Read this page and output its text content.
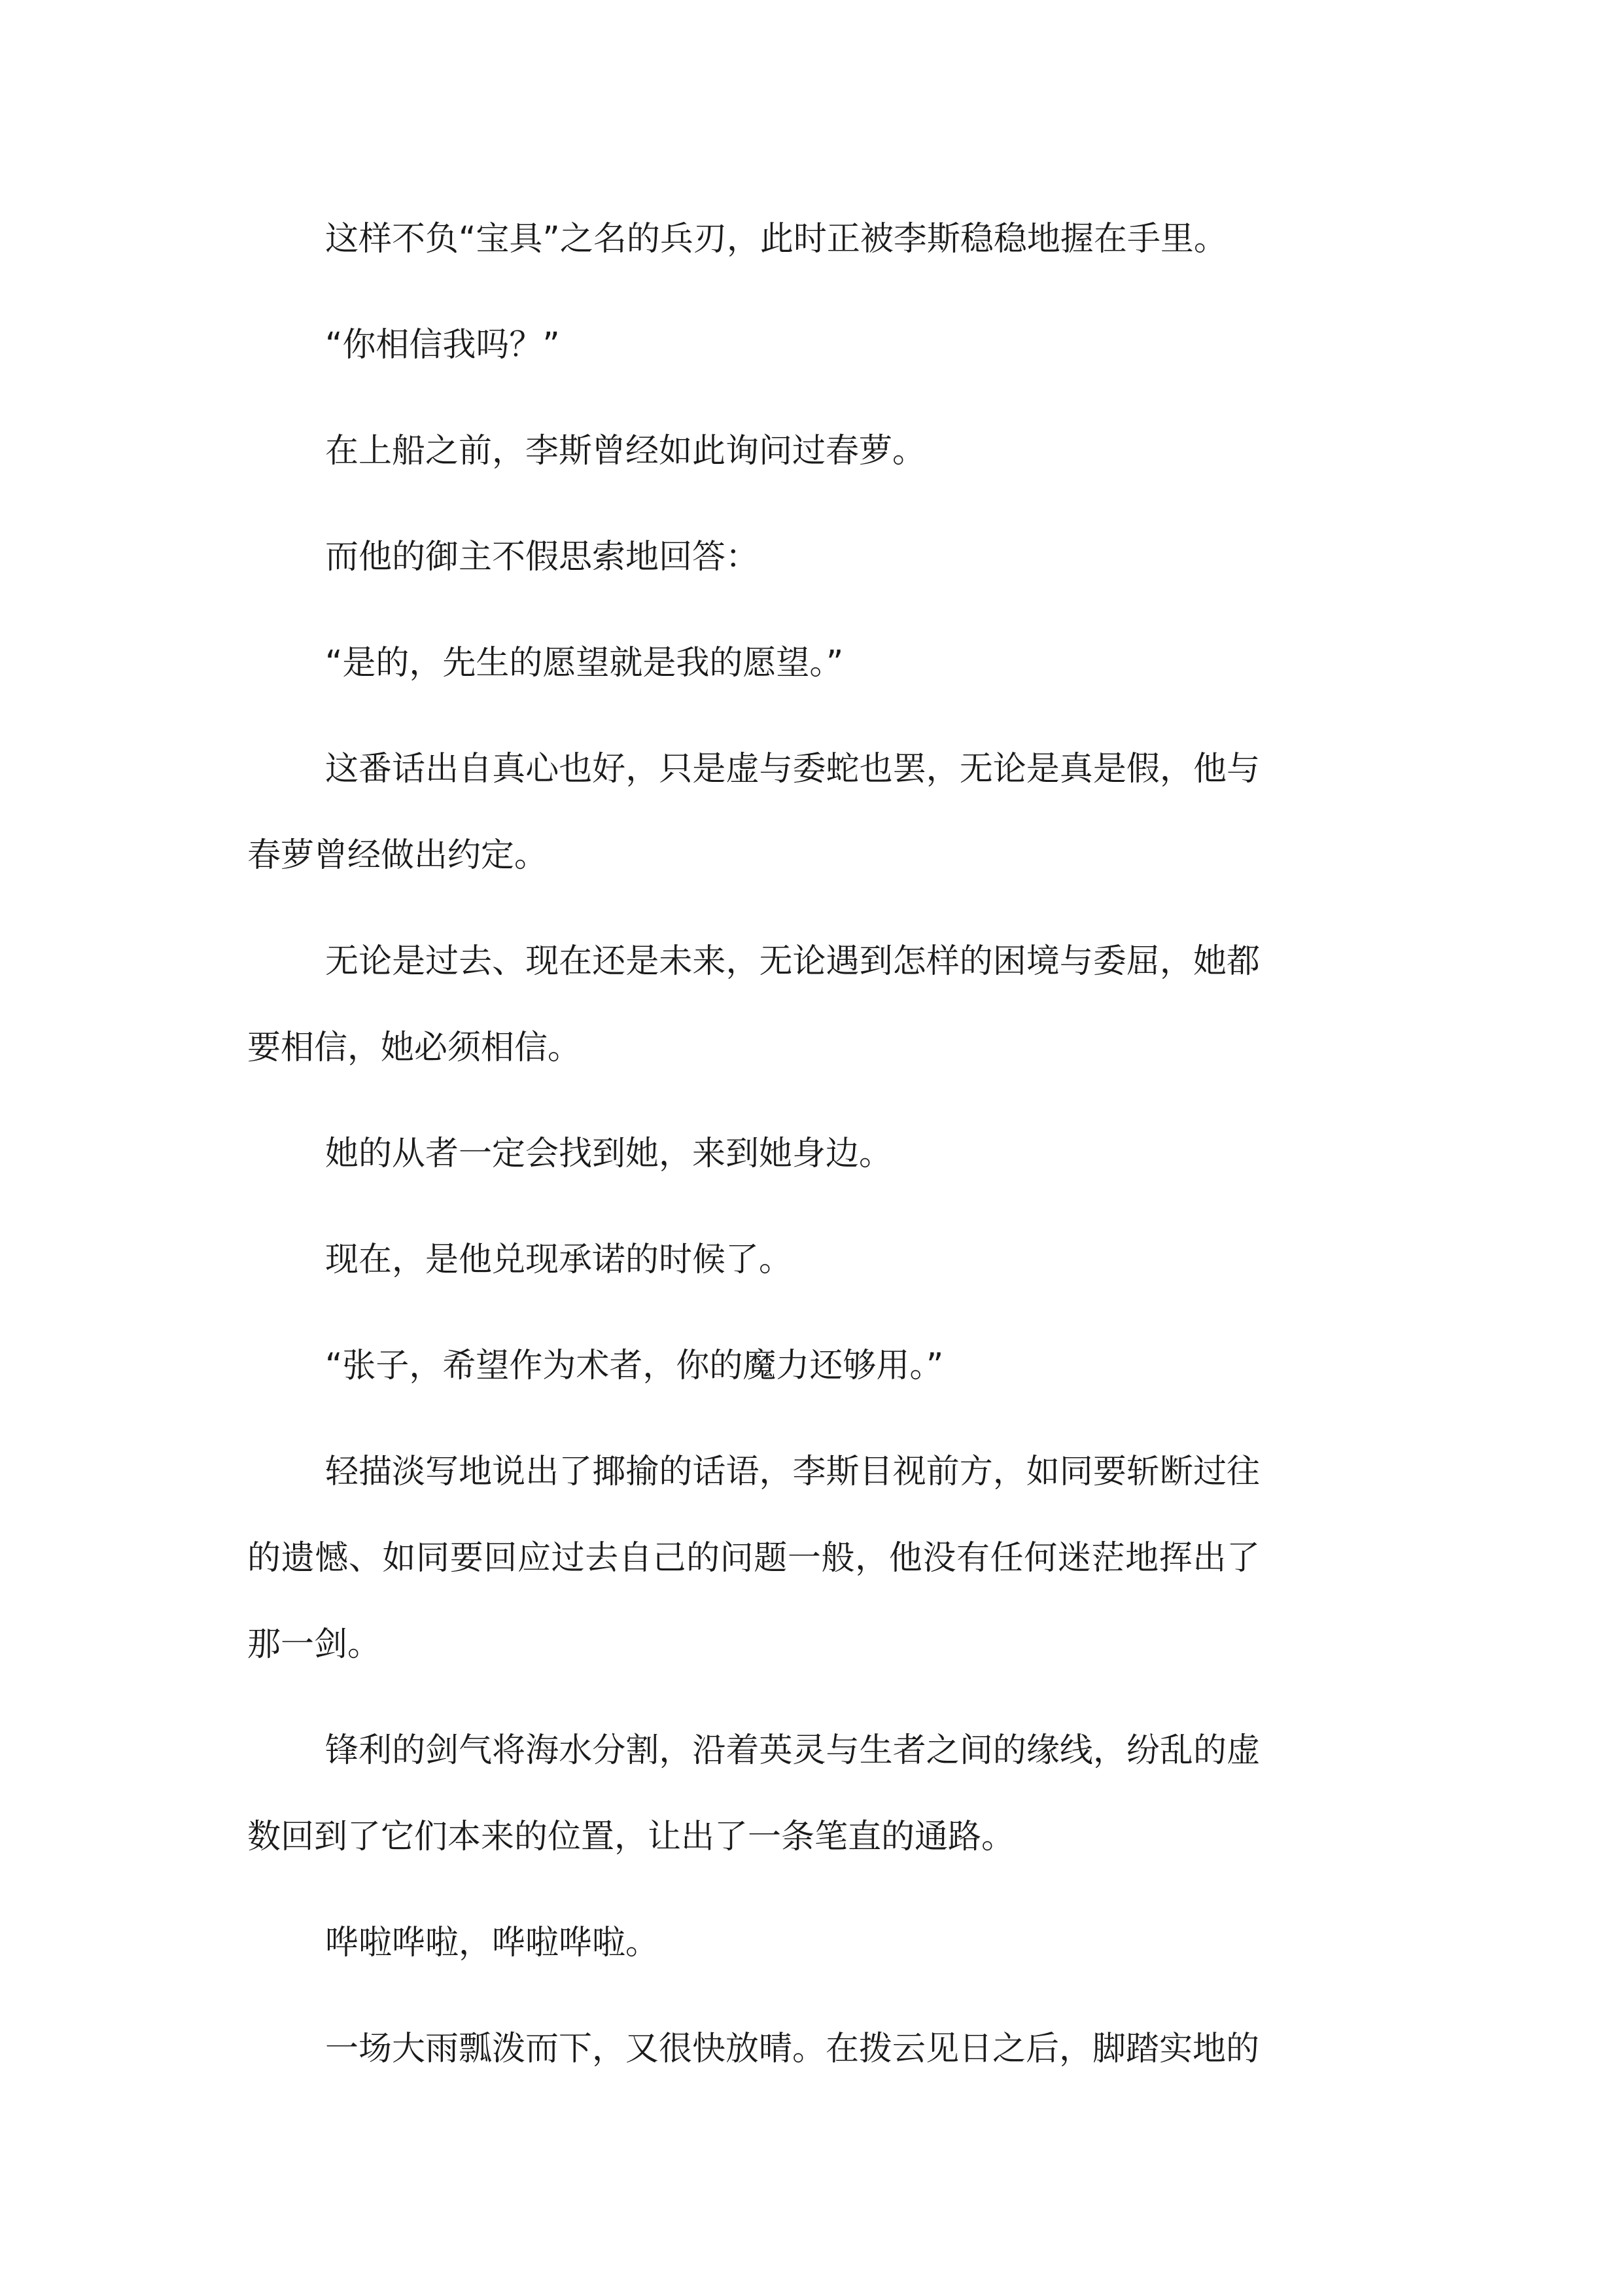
这样不负“宝具”之名的兵刃，此时正被李斯稳稳地握在手里。

“你相信我吗？”

在上船之前，李斯曾经如此询问过春萝。

而他的御主不假思索地回答：

“是的，先生的愿望就是我的愿望。”

这番话出自真心也好，只是虚与委蛇也罢，无论是真是假，他与春萝曾经做出约定。

无论是过去、现在还是未来，无论遇到怎样的困境与委屈，她都要相信，她必须相信。

她的从者一定会找到她，来到她身边。

现在，是他兑现承诺的时候了。

“张子，希望作为术者，你的魔力还够用。”

轻描淡写地说出了揶揄的话语，李斯目视前方，如同要斩断过往的遗憾、如同要回应过去自己的问题一般，他没有任何迷茫地挥出了那一剑。

锋利的剑气将海水分割，沿着英灵与生者之间的缘线，纷乱的虚数回到了它们本来的位置，让出了一条笔直的通路。

哗啦哗啦，哗啦哗啦。

一场大雨瓢泼而下，又很快放晴。在拨云见日之后，脚踏实地的
